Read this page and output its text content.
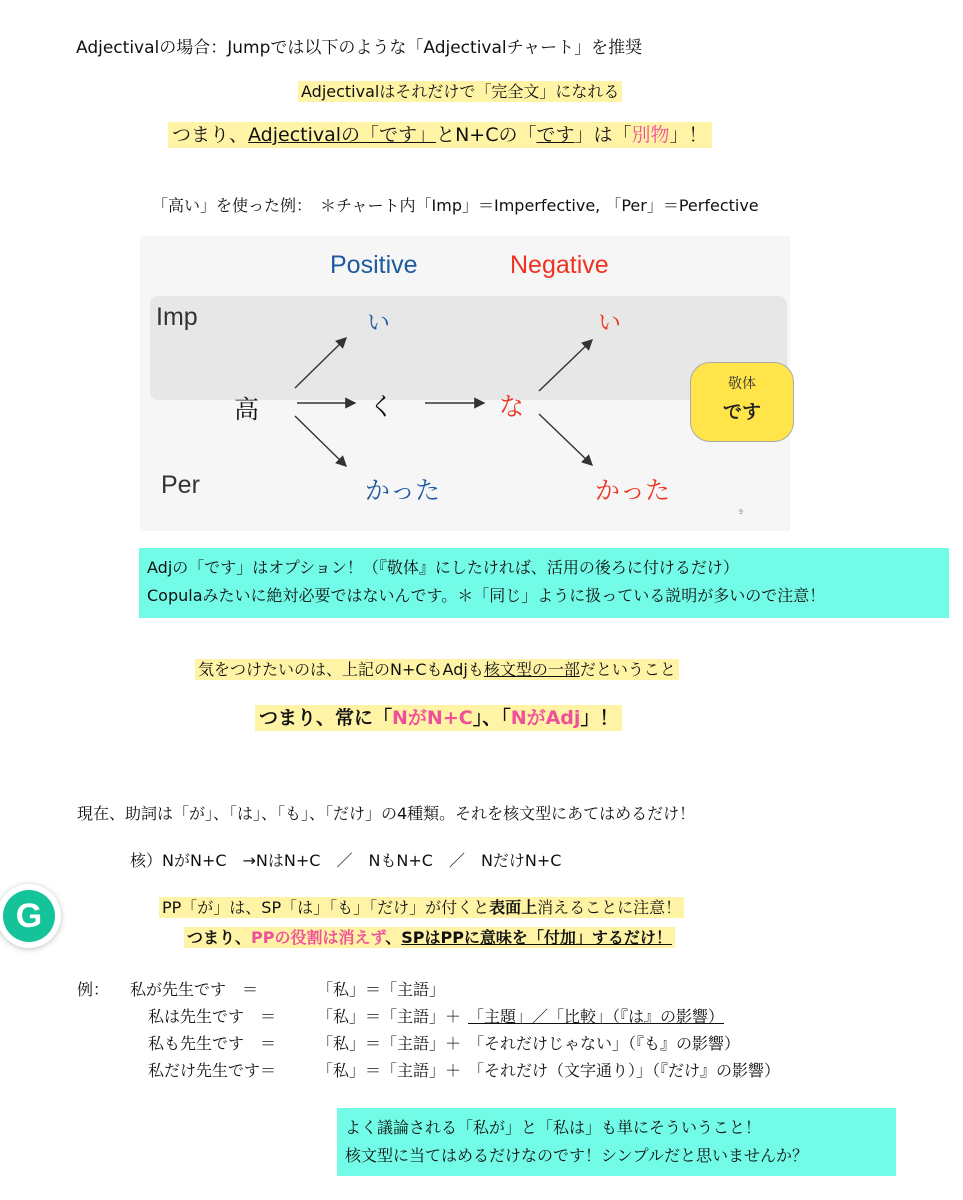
Adjectivalの場合：Jumpでは以下のような「Adjectivalチャート」を推奨
Adjectivalはそれだけで「完全文」になれる
つまり、Adjectivalの「です」とN+Cの「です」は「別物」！
「高い」を使った例：　＊チャート内「Imp」＝Imperfective, 「Per」＝Perfective
Positive	Negative
Imp
Per
高
い
く
かった
な
い
かった
敬体
です
9
Adjの「です」はオプション！（『敬体』にしたければ、活用の後ろに付けるだけ）
Copulaみたいに絶対必要ではないんです。＊「同じ」ように扱っている説明が多いので注意！
気をつけたいのは、上記のN+CもAdjも核文型の一部だということ
つまり、常に「NがN+C」、「NがAdj」！
現在、助詞は「が」、「は」、「も」、「だけ」の4種類。それを核文型にあてはめるだけ！
核）NがN+C　→NはN+C　／　NもN+C　／　NだけN+C
PP「が」は、SP「は」「も」「だけ」が付くと表面上消えることに注意！
つまり、PPの役割は消えず、SPはPPに意味を「付加」するだけ！
例： 私が先生です　＝	「私」＝「主語」
私は先生です　＝	「私」＝「主語」＋ 「主題」／「比較」（『は』の影響）
私も先生です　＝	「私」＝「主語」＋ 「それだけじゃない」（『も』の影響）
私だけ先生です＝	「私」＝「主語」＋ 「それだけ（文字通り）」（『だけ』の影響）
よく議論される「私が」と「私は」も単にそういうこと！
核文型に当てはめるだけなのです！シンプルだと思いませんか？
G
